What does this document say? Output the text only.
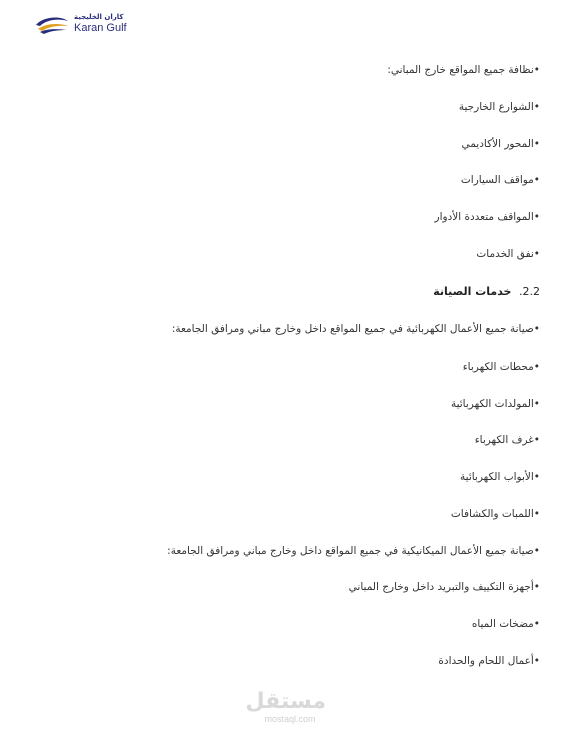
كاران الخليجية
Karan Gulf
•نظافة جميع المواقع خارج المباني:
•الشوارع الخارجية
•المحور الأكاديمي
•مواقف السيارات
•المواقف متعددة الأدوار
•نفق الخدمات
2.2. خدمات الصيانة
•صيانة جميع الأعمال الكهربائية في جميع المواقع داخل وخارج مباني ومرافق الجامعة:
•محطات الكهرباء
•المولدات الكهربائية
•غرف الكهرباء
•الأبواب الكهربائية
•اللمبات والكشافات
•صيانة جميع الأعمال الميكانيكية في جميع المواقع داخل وخارج مباني ومرافق الجامعة:
•أجهزة التكييف والتبريد داخل وخارج المباني
•مضخات المياه
•أعمال اللحام والحدادة
مستقل
mostaql.com
